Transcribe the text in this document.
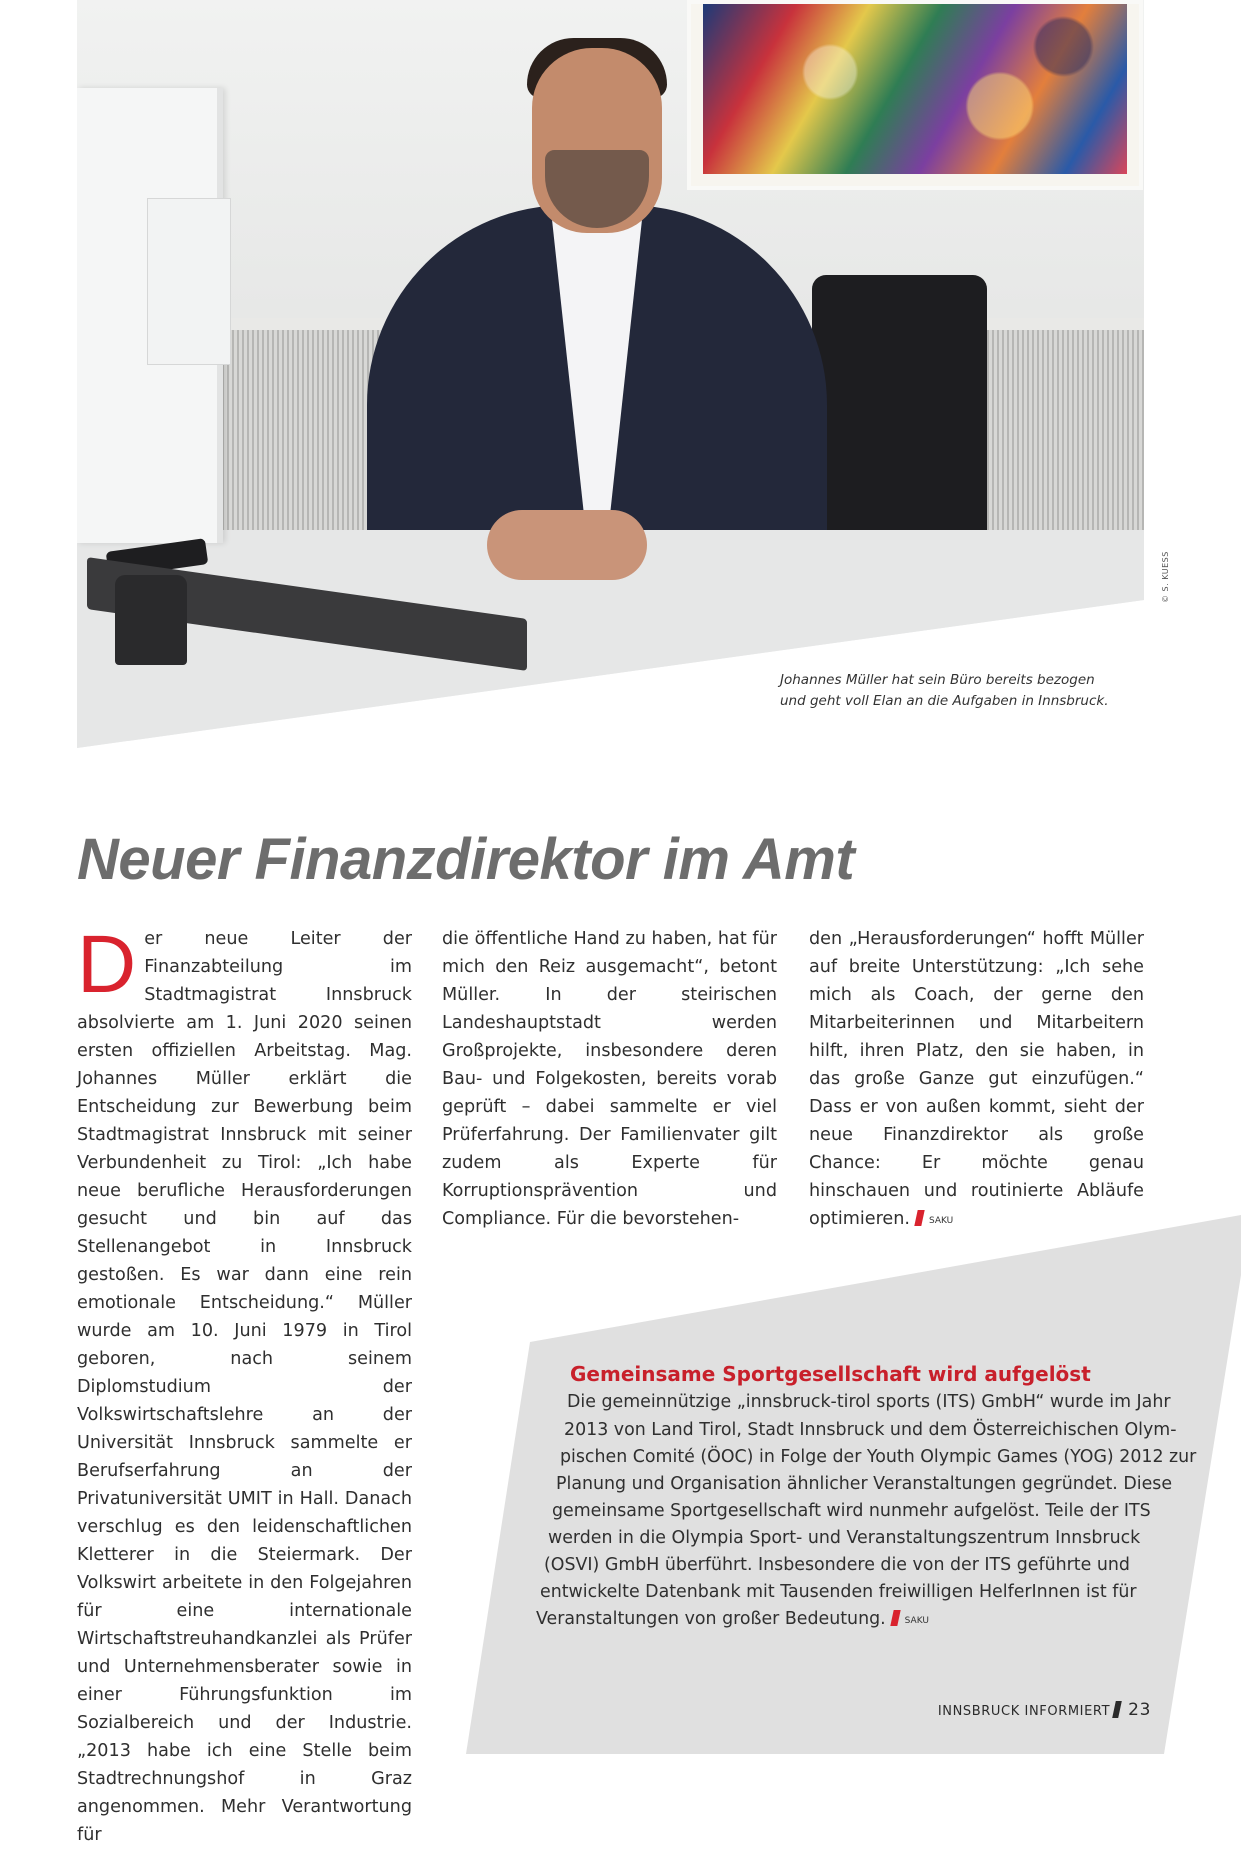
© S. KUESS
Johannes Müller hat sein Büro bereits bezogen
und geht voll Elan an die Aufgaben in Innsbruck.
Neuer Finanzdirektor im Amt

Der neue Leiter der Finanzabteilung im Stadtmagistrat Innsbruck absolvierte am 1. Juni 2020 seinen ersten offiziellen Arbeitstag. Mag. Johannes Müller erklärt die Entscheidung zur Bewerbung beim Stadtmagistrat Innsbruck mit seiner Verbundenheit zu Tirol: „Ich habe neue berufliche Herausforderungen gesucht und bin auf das Stellenangebot in Innsbruck gestoßen. Es war dann eine rein emotionale Entscheidung.“ Müller wurde am 10. Juni 1979 in Tirol geboren, nach seinem Diplomstudium der Volkswirtschaftslehre an der Universität Innsbruck sammelte er Berufserfahrung an der Privatuniversität UMIT in Hall. Danach verschlug es den leidenschaftlichen Kletterer in die Steiermark. Der Volkswirt arbeitete in den Folgejahren für eine internationale Wirtschaftstreuhandkanzlei als Prüfer und Unternehmensberater sowie in einer Führungsfunktion im Sozialbereich und der Industrie. „2013 habe ich eine Stelle beim Stadtrechnungshof in Graz angenommen. Mehr Verantwortung für

die öffentliche Hand zu haben, hat für mich den Reiz ausgemacht“, betont Müller. In der steirischen Landeshauptstadt werden Großprojekte, insbesondere deren Bau- und Folgekosten, bereits vorab geprüft – dabei sammelte er viel Prüferfahrung. Der Familienvater gilt zudem als Experte für Korruptionsprävention und Compliance. Für die bevorstehen-

den „Herausforderungen“ hofft Müller auf breite Unterstützung: „Ich sehe mich als Coach, der gerne den Mitarbeiterinnen und Mitarbeitern hilft, ihren Platz, den sie haben, in das große Ganze gut einzufügen.“ Dass er von außen kommt, sieht der neue Finanzdirektor als große Chance: Er möchte genau hinschauen und routinierte Abläufe optimieren. $^{SAKU}$

Gemeinsame Sportgesellschaft wird aufgelöst

Die gemeinnützige „innsbruck-tirol sports (ITS) GmbH“ wurde im Jahr

2013 von Land Tirol, Stadt Innsbruck und dem Österreichischen Olym-

pischen Comité (ÖOC) in Folge der Youth Olympic Games (YOG) 2012 zur

Planung und Organisation ähnlicher Veranstaltungen gegründet. Diese

gemeinsame Sportgesellschaft wird nunmehr aufgelöst. Teile der ITS

werden in die Olympia Sport- und Veranstaltungszentrum Innsbruck

(OSVI) GmbH überführt. Insbesondere die von der ITS geführte und

entwickelte Datenbank mit Tausenden freiwilligen HelferInnen ist für

Veranstaltungen von großer Bedeutung. $^{SAKU}$

INNSBRUCK INFORMIERT 23
